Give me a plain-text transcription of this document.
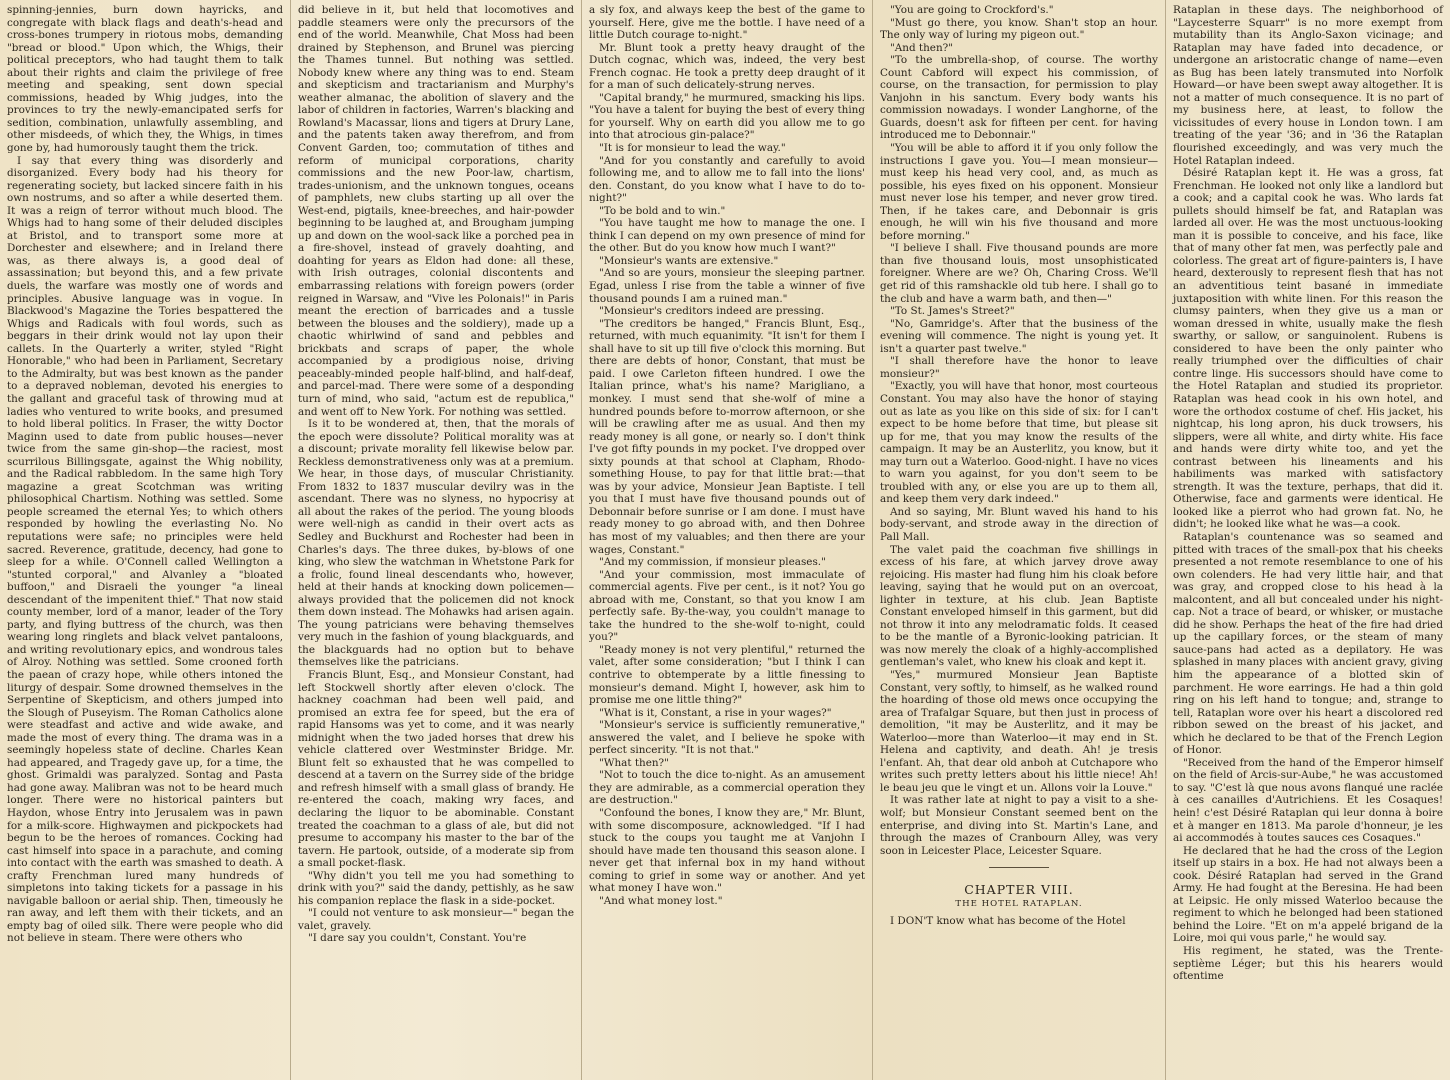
spinning-jennies, burn down hayricks, and congregate with black flags and death's-head and cross-bones trumpery in riotous mobs, demanding "bread or blood." Upon which, the Whigs, their political preceptors, who had taught them to talk about their rights and claim the privilege of free meeting and speaking, sent down special commissions, headed by Whig judges, into the provinces to try the newly-emancipated serfs for sedition, combination, unlawfully assembling, and other misdeeds, of which they, the Whigs, in times gone by, had humorously taught them the trick.

I say that every thing was disorderly and disorganized. Every body had his theory for regenerating society, but lacked sincere faith in his own nostrums, and so after a while deserted them. It was a reign of terror without much blood. The Whigs had to hang some of their deluded disciples at Bristol, and to transport some more at Dorchester and elsewhere; and in Ireland there was, as there always is, a good deal of assassination; but beyond this, and a few private duels, the warfare was mostly one of words and principles. Abusive language was in vogue. In Blackwood's Magazine the Tories bespattered the Whigs and Radicals with foul words, such as beggars in their drink would not lay upon their callets. In the Quarterly a writer, styled "Right Honorable," who had been in Parliament, Secretary to the Admiralty, but was best known as the pander to a depraved nobleman, devoted his energies to the gallant and graceful task of throwing mud at ladies who ventured to write books, and presumed to hold liberal politics. In Fraser, the witty Doctor Maginn used to date from public houses—never twice from the same gin-shop—the raciest, most scurrilous Billingsgate, against the Whig nobility, and the Radical rabbledom. In the same high Tory magazine a great Scotchman was writing philosophical Chartism. Nothing was settled. Some people screamed the eternal Yes; to which others responded by howling the everlasting No. No reputations were safe; no principles were held sacred. Reverence, gratitude, decency, had gone to sleep for a while. O'Connell called Wellington a "stunted corporal," and Alvanley a "bloated buffoon," and Disraeli the younger "a lineal descendant of the impenitent thief." That now staid county member, lord of a manor, leader of the Tory party, and flying buttress of the church, was then wearing long ringlets and black velvet pantaloons, and writing revolutionary epics, and wondrous tales of Alroy. Nothing was settled. Some crooned forth the paean of crazy hope, while others intoned the liturgy of despair. Some drowned themselves in the Serpentine of Skepticism, and others jumped into the Slough of Puseyism. The Roman Catholics alone were steadfast and active and wide awake, and made the most of every thing. The drama was in a seemingly hopeless state of decline. Charles Kean had appeared, and Tragedy gave up, for a time, the ghost. Grimaldi was paralyzed. Sontag and Pasta had gone away. Malibran was not to be heard much longer. There were no historical painters but Haydon, whose Entry into Jerusalem was in pawn for a milk-score. Highwaymen and pickpockets had begun to be the heroes of romances. Cocking had cast himself into space in a parachute, and coming into contact with the earth was smashed to death. A crafty Frenchman lured many hundreds of simpletons into taking tickets for a passage in his navigable balloon or aerial ship. Then, timeously he ran away, and left them with their tickets, and an empty bag of oiled silk. There were people who did not believe in steam. There were others who

did believe in it, but held that locomotives and paddle steamers were only the precursors of the end of the world. Meanwhile, Chat Moss had been drained by Stephenson, and Brunel was piercing the Thames tunnel. But nothing was settled. Nobody knew where any thing was to end. Steam and skepticism and tractarianism and Murphy's weather almanac, the abolition of slavery and the labor of children in factories, Warren's blacking and Rowland's Macassar, lions and tigers at Drury Lane, and the patents taken away therefrom, and from Convent Garden, too; commutation of tithes and reform of municipal corporations, charity commissions and the new Poor-law, chartism, trades-unionism, and the unknown tongues, oceans of pamphlets, new clubs starting up all over the West-end, pigtails, knee-breeches, and hair-powder beginning to be laughed at, and Brougham jumping up and down on the wool-sack like a porched pea in a fire-shovel, instead of gravely doahting, and doahting for years as Eldon had done: all these, with Irish outrages, colonial discontents and embarrassing relations with foreign powers (order reigned in Warsaw, and "Vive les Polonais!" in Paris meant the erection of barricades and a tussle between the blouses and the soldiery), made up a chaotic whirlwind of sand and pebbles and brickbats and scraps of paper, the whole accompanied by a prodigious noise, driving peaceably-minded people half-blind, and half-deaf, and parcel-mad. There were some of a desponding turn of mind, who said, "actum est de republica," and went off to New York. For nothing was settled.

Is it to be wondered at, then, that the morals of the epoch were dissolute? Political morality was at a discount; private morality fell likewise below par. Reckless demonstrativeness only was at a premium. We hear, in those days, of muscular Christianity. From 1832 to 1837 muscular devilry was in the ascendant. There was no slyness, no hypocrisy at all about the rakes of the period. The young bloods were well-nigh as candid in their overt acts as Sedley and Buckhurst and Rochester had been in Charles's days. The three dukes, by-blows of one king, who slew the watchman in Whetstone Park for a frolic, found lineal descendants who, however, held at their hands at knocking down policemen—always provided that the policemen did not knock them down instead. The Mohawks had arisen again. The young patricians were behaving themselves very much in the fashion of young blackguards, and the blackguards had no option but to behave themselves like the patricians.

Francis Blunt, Esq., and Monsieur Constant, had left Stockwell shortly after eleven o'clock. The hackney coachman had been well paid, and promised an extra fee for speed, but the era of rapid Hansoms was yet to come, and it was nearly midnight when the two jaded horses that drew his vehicle clattered over Westminster Bridge. Mr. Blunt felt so exhausted that he was compelled to descend at a tavern on the Surrey side of the bridge and refresh himself with a small glass of brandy. He re-entered the coach, making wry faces, and declaring the liquor to be abominable. Constant treated the coachman to a glass of ale, but did not presume to accompany his master to the bar of the tavern. He partook, outside, of a moderate sip from a small pocket-flask.

"Why didn't you tell me you had something to drink with you?" said the dandy, pettishly, as he saw his companion replace the flask in a side-pocket.

"I could not venture to ask monsieur—" began the valet, gravely.

"I dare say you couldn't, Constant. You're

a sly fox, and always keep the best of the game to yourself. Here, give me the bottle. I have need of a little Dutch courage to-night."

Mr. Blunt took a pretty heavy draught of the Dutch cognac, which was, indeed, the very best French cognac. He took a pretty deep draught of it for a man of such delicately-strung nerves.

"Capital brandy," he murmured, smacking his lips. "You have a talent for buying the best of every thing for yourself. Why on earth did you allow me to go into that atrocious gin-palace?"

"It is for monsieur to lead the way."

"And for you constantly and carefully to avoid following me, and to allow me to fall into the lions' den. Constant, do you know what I have to do to-night?"

"To be bold and to win."

"You have taught me how to manage the one. I think I can depend on my own presence of mind for the other. But do you know how much I want?"

"Monsieur's wants are extensive."

"And so are yours, monsieur the sleeping partner. Egad, unless I rise from the table a winner of five thousand pounds I am a ruined man."

"Monsieur's creditors indeed are pressing.

"The creditors be hanged," Francis Blunt, Esq., returned, with much equanimity. "It isn't for them I shall have to sit up till five o'clock this morning. But there are debts of honor, Constant, that must be paid. I owe Carleton fifteen hundred. I owe the Italian prince, what's his name? Marigliano, a monkey. I must send that she-wolf of mine a hundred pounds before to-morrow afternoon, or she will be crawling after me as usual. And then my ready money is all gone, or nearly so. I don't think I've got fifty pounds in my pocket. I've dropped over sixty pounds at that school at Clapham, Rhodo-something House, to pay for that little brat:—that was by your advice, Monsieur Jean Baptiste. I tell you that I must have five thousand pounds out of Debonnair before sunrise or I am done. I must have ready money to go abroad with, and then Dohree has most of my valuables; and then there are your wages, Constant."

"And my commission, if monsieur pleases."

"And your commission, most immaculate of commercial agents. Five per cent., is it not? You go abroad with me, Constant, so that you know I am perfectly safe. By-the-way, you couldn't manage to take the hundred to the she-wolf to-night, could you?"

"Ready money is not very plentiful," returned the valet, after some consideration; "but I think I can contrive to obtemperate by a little finessing to monsieur's demand. Might I, however, ask him to promise me one little thing?"

"What is it, Constant, a rise in your wages?"

"Monsieur's service is sufficiently remunerative," answered the valet, and I believe he spoke with perfect sincerity. "It is not that."

"What then?"

"Not to touch the dice to-night. As an amusement they are admirable, as a commercial operation they are destruction."

"Confound the bones, I know they are," Mr. Blunt, with some discomposure, acknowledged. "If I had stuck to the coups you taught me at Vanjohn I should have made ten thousand this season alone. I never get that infernal box in my hand without coming to grief in some way or another. And yet what money I have won."

"And what money lost."

"You are going to Crockford's."

"Must go there, you know. Shan't stop an hour. The only way of luring my pigeon out."

"And then?"

"To the umbrella-shop, of course. The worthy Count Cabford will expect his commission, of course, on the transaction, for permission to play Vanjohn in his sanctum. Every body wants his commission nowadays. I wonder Langhorne, of the Guards, doesn't ask for fifteen per cent. for having introduced me to Debonnair."

"You will be able to afford it if you only follow the instructions I gave you. You—I mean monsieur—must keep his head very cool, and, as much as possible, his eyes fixed on his opponent. Monsieur must never lose his temper, and never grow tired. Then, if he takes care, and Debonnair is gris enough, he will win his five thousand and more before morning."

"I believe I shall. Five thousand pounds are more than five thousand louis, most unsophisticated foreigner. Where are we? Oh, Charing Cross. We'll get rid of this ramshackle old tub here. I shall go to the club and have a warm bath, and then—"

"To St. James's Street?"

"No, Gamridge's. After that the business of the evening will commence. The night is young yet. It isn't a quarter past twelve."

"I shall therefore have the honor to leave monsieur?"

"Exactly, you will have that honor, most courteous Constant. You may also have the honor of staying out as late as you like on this side of six: for I can't expect to be home before that time, but please sit up for me, that you may know the results of the campaign. It may be an Austerlitz, you know, but it may turn out a Waterloo. Good-night. I have no vices to warn you against, for you don't seem to be troubled with any, or else you are up to them all, and keep them very dark indeed."

And so saying, Mr. Blunt waved his hand to his body-servant, and strode away in the direction of Pall Mall.

The valet paid the coachman five shillings in excess of his fare, at which jarvey drove away rejoicing. His master had flung him his cloak before leaving, saying that he would put on an overcoat, lighter in texture, at his club. Jean Baptiste Constant enveloped himself in this garment, but did not throw it into any melodramatic folds. It ceased to be the mantle of a Byronic-looking patrician. It was now merely the cloak of a highly-accomplished gentleman's valet, who knew his cloak and kept it.

"Yes," murmured Monsieur Jean Baptiste Constant, very softly, to himself, as he walked round the hoarding of those old mews once occupying the area of Trafalgar Square, but then just in process of demolition, "it may be Austerlitz, and it may be Waterloo—more than Waterloo—it may end in St. Helena and captivity, and death. Ah! je tresis l'enfant. Ah, that dear old anboh at Cutchapore who writes such pretty letters about his little niece! Ah! le beau jeu que le vingt et un. Allons voir la Louve."

It was rather late at night to pay a visit to a she-wolf; but Monsieur Constant seemed bent on the enterprise, and diving into St. Martin's Lane, and through the mazes of Cranbourn Alley, was very soon in Leicester Place, Leicester Square.

CHAPTER VIII.
THE HOTEL RATAPLAN.

I DON'T know what has become of the Hotel

Rataplan in these days. The neighborhood of "Laycesterre Squarr" is no more exempt from mutability than its Anglo-Saxon vicinage; and Rataplan may have faded into decadence, or undergone an aristocratic change of name—even as Bug has been lately transmuted into Norfolk Howard—or have been swept away altogether. It is not a matter of much consequence. It is no part of my business here, at least, to follow the vicissitudes of every house in London town. I am treating of the year '36; and in '36 the Rataplan flourished exceedingly, and was very much the Hotel Rataplan indeed.

Désiré Rataplan kept it. He was a gross, fat Frenchman. He looked not only like a landlord but a cook; and a capital cook he was. Who lards fat pullets should himself be fat, and Rataplan was larded all over. He was the most unctuous-looking man it is possible to conceive, and his face, like that of many other fat men, was perfectly pale and colorless. The great art of figure-painters is, I have heard, dexterously to represent flesh that has not an adventitious teint basané in immediate juxtaposition with white linen. For this reason the clumsy painters, when they give us a man or woman dressed in white, usually make the flesh swarthy, or sallow, or sanguinolent. Rubens is considered to have been the only painter who really triumphed over the difficulties of chair contre linge. His successors should have come to the Hotel Rataplan and studied its proprietor. Rataplan was head cook in his own hotel, and wore the orthodox costume of chef. His jacket, his nightcap, his long apron, his duck trowsers, his slippers, were all white, and dirty white. His face and hands were dirty white too, and yet the contrast between his lineaments and his habiliments was marked with satisfactory strength. It was the texture, perhaps, that did it. Otherwise, face and garments were identical. He looked like a pierrot who had grown fat. No, he didn't; he looked like what he was—a cook.

Rataplan's countenance was so seamed and pitted with traces of the small-pox that his cheeks presented a not remote resemblance to one of his own colenders. He had very little hair, and that was gray, and cropped close to his head à la malcontent, and all but concealed under his night-cap. Not a trace of beard, or whisker, or mustache did he show. Perhaps the heat of the fire had dried up the capillary forces, or the steam of many sauce-pans had acted as a depilatory. He was splashed in many places with ancient gravy, giving him the appearance of a blotted skin of parchment. He wore earrings. He had a thin gold ring on his left hand to tongue; and, strange to tell, Rataplan wore over his heart a discolored red ribbon sewed on the breast of his jacket, and which he declared to be that of the French Legion of Honor.

"Received from the hand of the Emperor himself on the field of Arcis-sur-Aube," he was accustomed to say. "C'est là que nous avons flanqué une raclée à ces canailles d'Autrichiens. Et les Cosaques! hein! c'est Désiré Rataplan qui leur donna à boire et à manger en 1813. Ma parole d'honneur, je les ai accommodés à toutes sauces ces Cosaques."

He declared that he had the cross of the Legion itself up stairs in a box. He had not always been a cook. Désiré Rataplan had served in the Grand Army. He had fought at the Beresina. He had been at Leipsic. He only missed Waterloo because the regiment to which he belonged had been stationed behind the Loire. "Et on m'a appelé brigand de la Loire, moi qui vous parle," he would say.

His regiment, he stated, was the Trente-septième Léger; but this his hearers would oftentime
